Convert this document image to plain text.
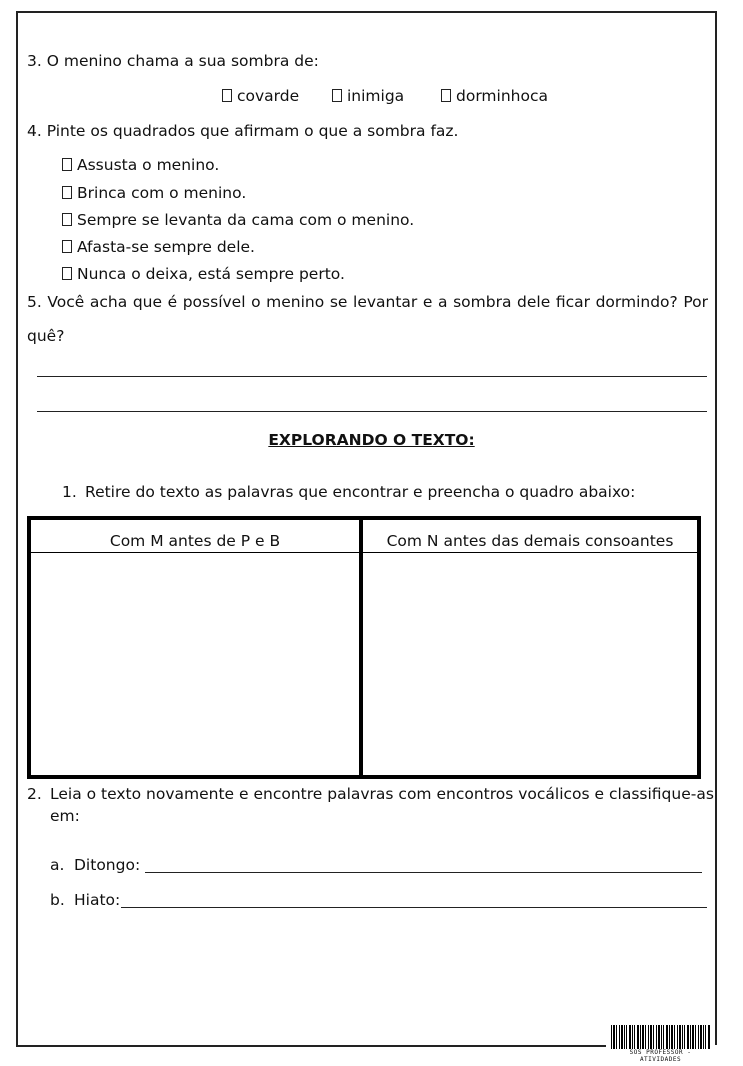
3. O menino chama a sua sombra de:
covarde	inimiga	dorminhoca
4. Pinte os quadrados que afirmam o que a sombra faz.
Assusta o menino.
Brinca com o menino.
Sempre se levanta da cama com o menino.
Afasta-se sempre dele.
Nunca o deixa, está sempre perto.
5. Você acha que é possível o menino se levantar e a sombra dele ficar dormindo? Por
quê?
EXPLORANDO O TEXTO:
1. Retire do texto as palavras que encontrar e preencha o quadro abaixo:
Com M antes de P e B	Com N antes das demais consoantes
2. Leia o texto novamente e encontre palavras com encontros vocálicos e classifique-as
em:
a. Ditongo:
b. Hiato:
SOS PROFESSOR - ATIVIDADES
